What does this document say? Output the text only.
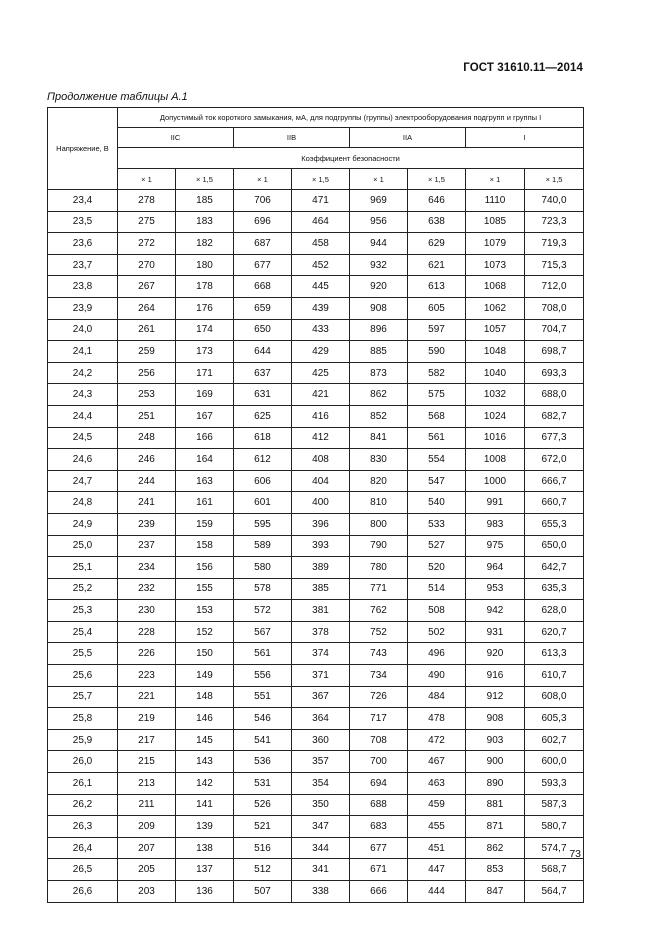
ГОСТ 31610.11—2014
Продолжение таблицы А.1
Напряжение, В	Допустимый ток короткого замыкания, мА, для подгруппы (группы) электрооборудования подгрупп и группы I							
	IIC		IIB		IIA		I	
	Коэффициент безопасности							
	× 1	× 1,5	× 1	× 1,5	× 1	× 1,5	× 1	× 1,5
23,4	278	185	706	471	969	646	1110	740,0
23,5	275	183	696	464	956	638	1085	723,3
23,6	272	182	687	458	944	629	1079	719,3
23,7	270	180	677	452	932	621	1073	715,3
23,8	267	178	668	445	920	613	1068	712,0
23,9	264	176	659	439	908	605	1062	708,0
24,0	261	174	650	433	896	597	1057	704,7
24,1	259	173	644	429	885	590	1048	698,7
24,2	256	171	637	425	873	582	1040	693,3
24,3	253	169	631	421	862	575	1032	688,0
24,4	251	167	625	416	852	568	1024	682,7
24,5	248	166	618	412	841	561	1016	677,3
24,6	246	164	612	408	830	554	1008	672,0
24,7	244	163	606	404	820	547	1000	666,7
24,8	241	161	601	400	810	540	991	660,7
24,9	239	159	595	396	800	533	983	655,3
25,0	237	158	589	393	790	527	975	650,0
25,1	234	156	580	389	780	520	964	642,7
25,2	232	155	578	385	771	514	953	635,3
25,3	230	153	572	381	762	508	942	628,0
25,4	228	152	567	378	752	502	931	620,7
25,5	226	150	561	374	743	496	920	613,3
25,6	223	149	556	371	734	490	916	610,7
25,7	221	148	551	367	726	484	912	608,0
25,8	219	146	546	364	717	478	908	605,3
25,9	217	145	541	360	708	472	903	602,7
26,0	215	143	536	357	700	467	900	600,0
26,1	213	142	531	354	694	463	890	593,3
26,2	211	141	526	350	688	459	881	587,3
26,3	209	139	521	347	683	455	871	580,7
26,4	207	138	516	344	677	451	862	574,7
26,5	205	137	512	341	671	447	853	568,7
26,6	203	136	507	338	666	444	847	564,7
73
